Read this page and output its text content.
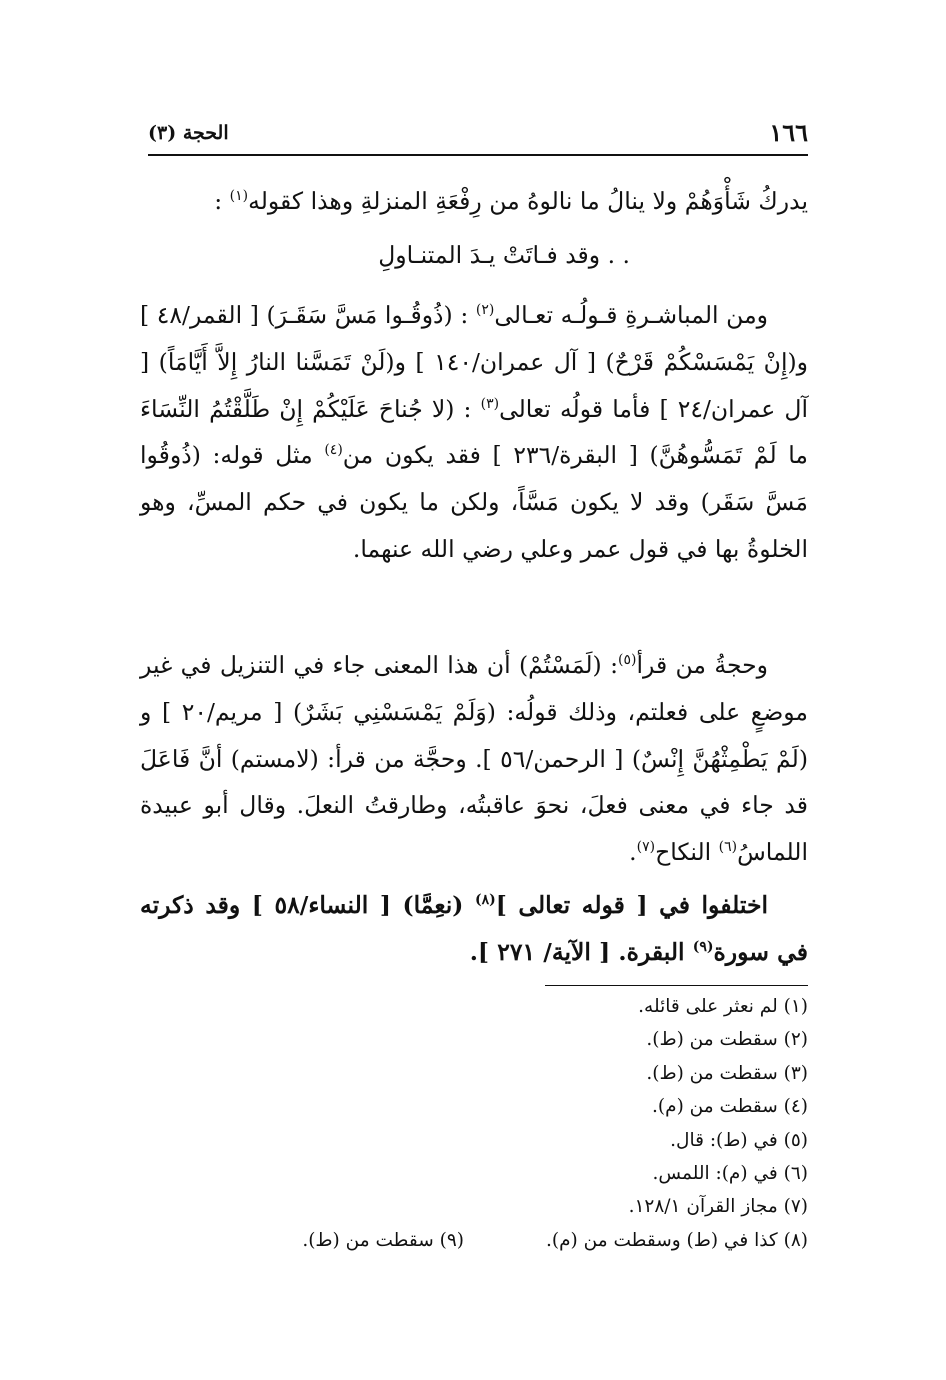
١٦٦
الحجة (٣)

يدركُ شَأْوَهُمْ ولا ينالُ ما نالوهُ من رِفْعَةِ المنزلةِ وهذا كقوله$^{(١)}$ :

. . وقد فـاتَتْ يـدَ المتنـاولِ

ومن المباشـرةِ قـولُـه تعـالى$^{(٢)}$ : (ذُوقُـوا مَسَّ سَقَـرَ) [ القمر/٤٨ ] و(إِنْ يَمْسَسْكُمْ قَرْحٌ) [ آل عمران/١٤٠ ] و(لَنْ تَمَسَّنا النارُ إِلاَّ أَيَّامَاً) [ آل عمران/٢٤ ] فأما قولُه تعالى$^{(٣)}$ : (لا جُناحَ عَلَيْكُمْ إِنْ طَلَّقْتُمُ النِّسَاءَ ما لَمْ تَمَسُّوهُنَّ) [ البقرة/٢٣٦ ] فقد يكون من$^{(٤)}$ مثل قوله: (ذُوقُوا مَسَّ سَقَر) وقد لا يكون مَسَّاً، ولكن ما يكون في حكم المسِّ، وهو الخلوةُ بها في قول عمر وعلي رضي الله عنهما.

وحجةُ من قرأ$^{(٥)}$: (لَمَسْتُمْ) أن هذا المعنى جاء في التنزيل في غير موضعٍ على فعلتم، وذلك قولُه: (وَلَمْ يَمْسَسْنِي بَشَرٌ) [ مريم/٢٠ ] و (لَمْ يَطْمِثْهُنَّ إِنْسٌ) [ الرحمن/٥٦ ]. وحجَّة من قرأ: (لامستم) أنَّ فَاعَلَ قد جاء في معنى فعلَ، نحوَ عاقبتُه، وطارقتُ النعلَ. وقال أبو عبيدة اللماسُ$^{(٦)}$ النكاح$^{(٧)}$.

اختلفوا في [ قوله تعالى ]$^{(٨)}$ (نعِمَّا) [ النساء/٥٨ ] وقد ذكرته في سورة$^{(٩)}$ البقرة. [ الآية/ ٢٧١ ].

(١) لم نعثر على قائله.
(٢) سقطت من (ط).
(٣) سقطت من (ط).
(٤) سقطت من (م).
(٥) في (ط): قال.
(٦) في (م): اللمس.
(٧) مجاز القرآن ١٢٨/١.
(٨) كذا في (ط) وسقطت من (م).
(٩) سقطت من (ط).
